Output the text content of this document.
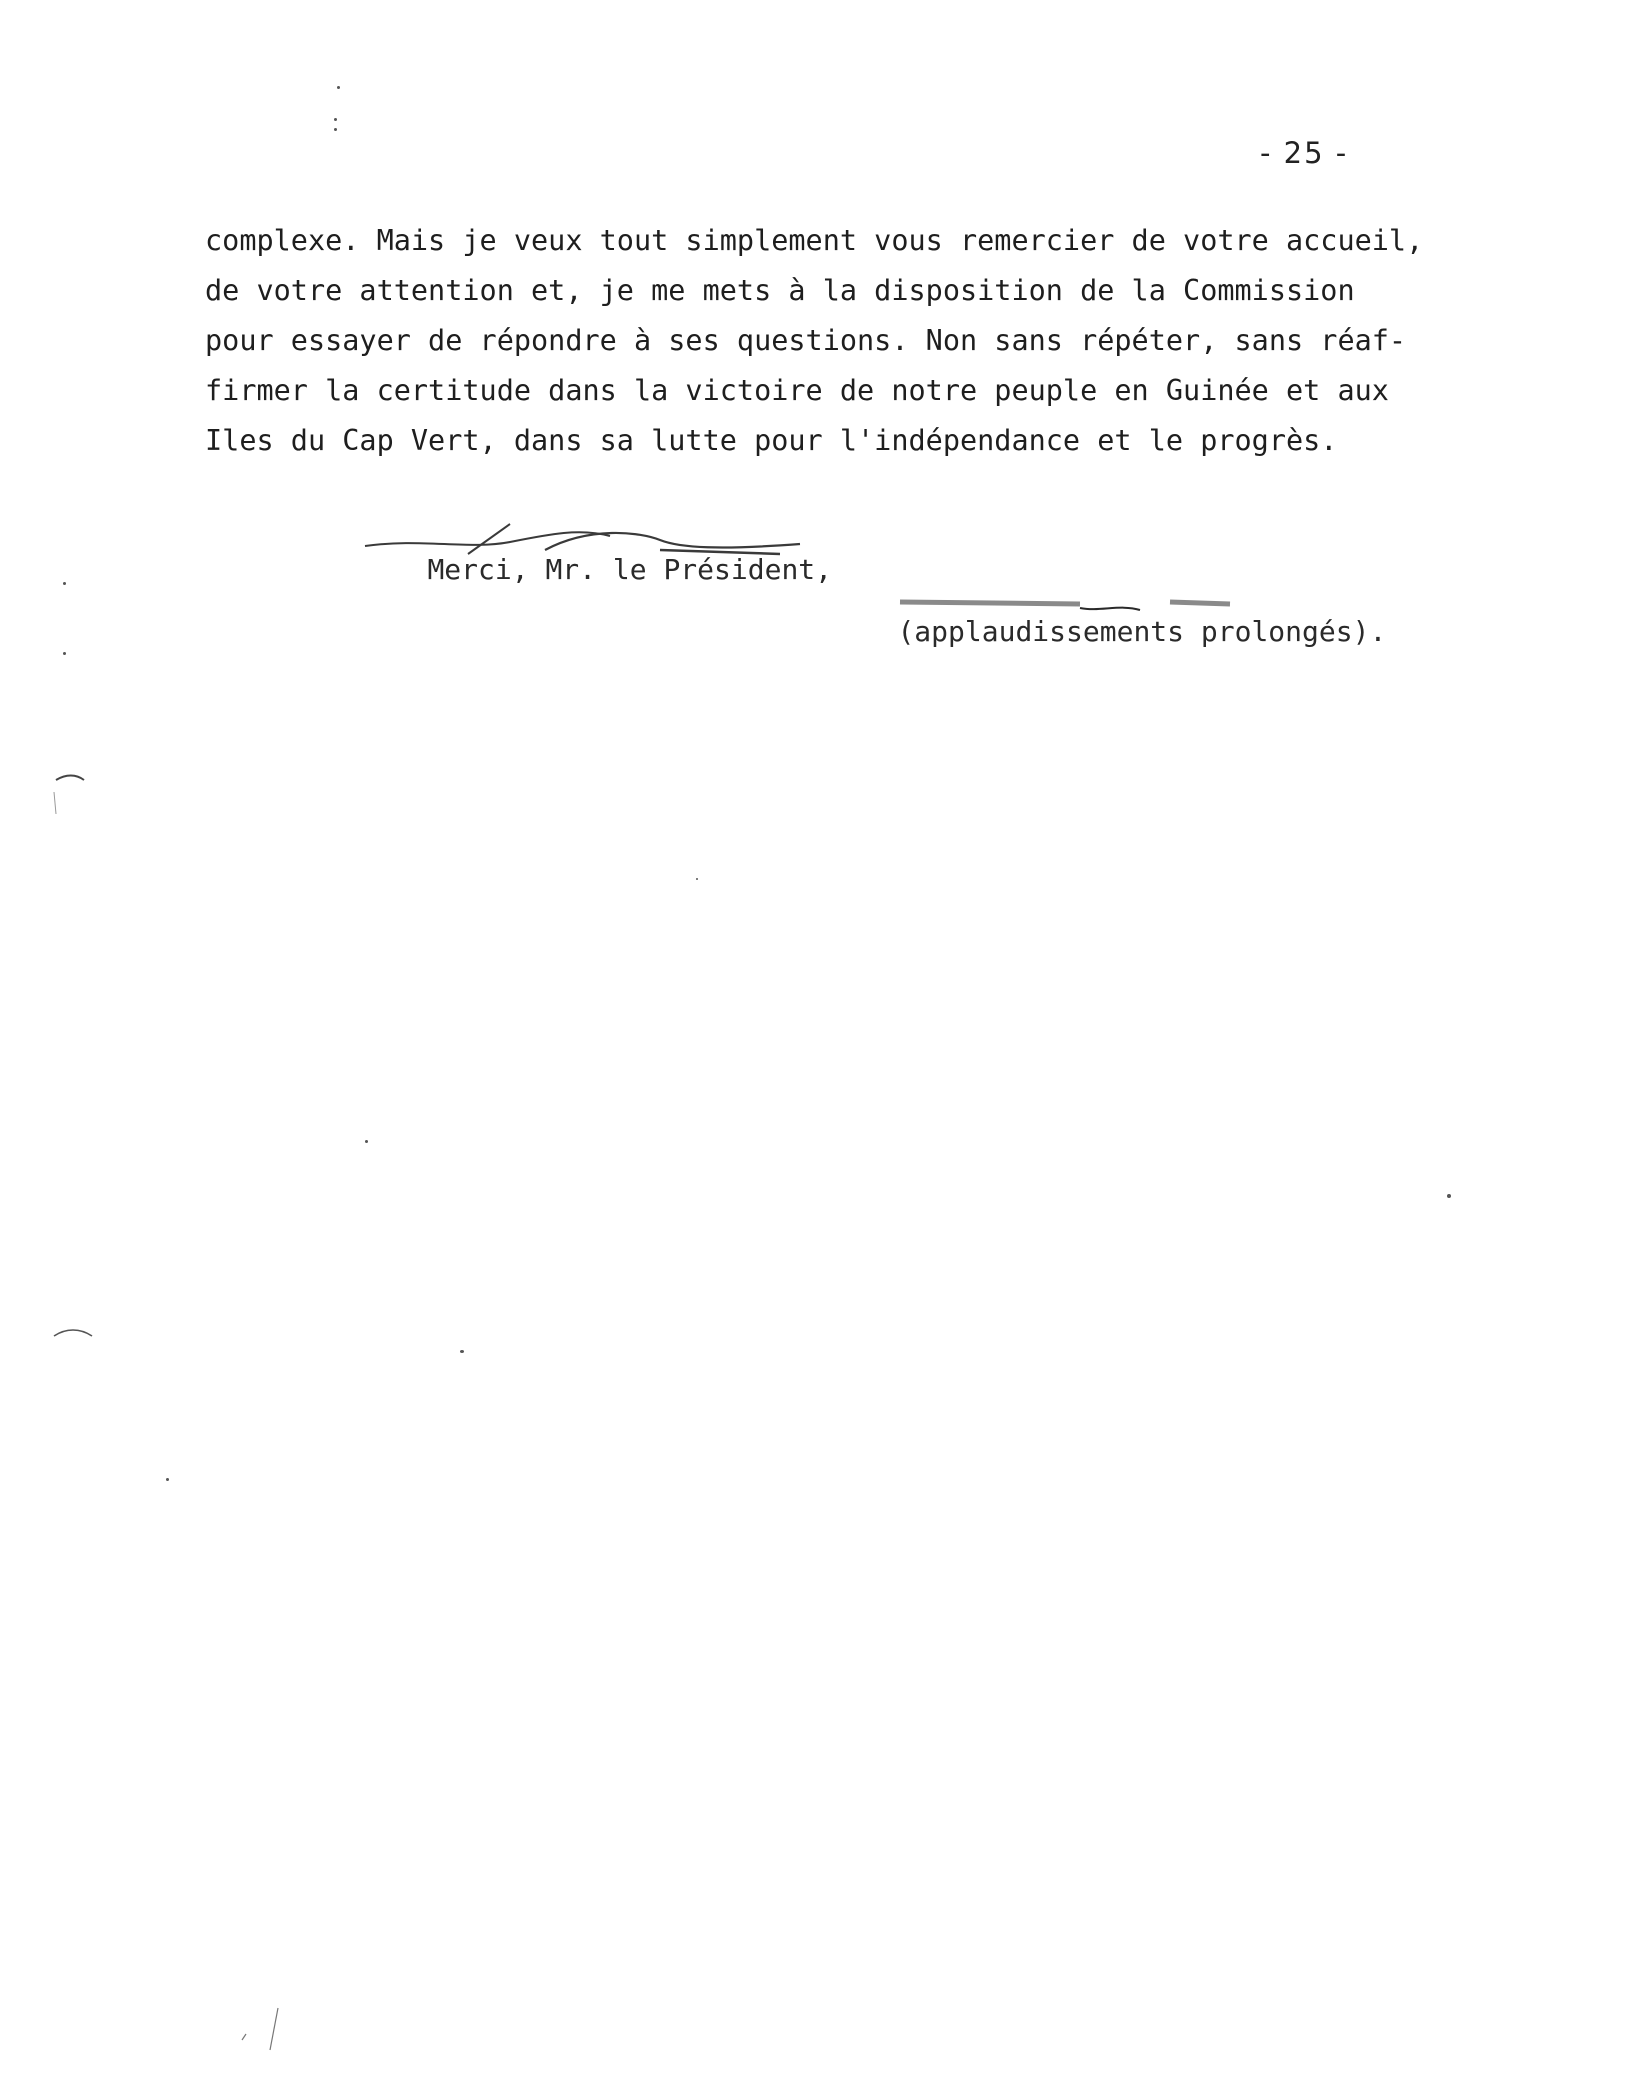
- 25 -
complexe. Mais je veux tout simplement vous remercier de votre accueil,
de votre attention et, je me mets à la disposition de la Commission
pour essayer de répondre à ses questions. Non sans répéter, sans réaf-
firmer la certitude dans la victoire de notre peuple en Guinée et aux
Iles du Cap Vert, dans sa lutte pour l'indépendance et le progrès.

Merci, Mr. le Président,

(applaudissements prolongés).
